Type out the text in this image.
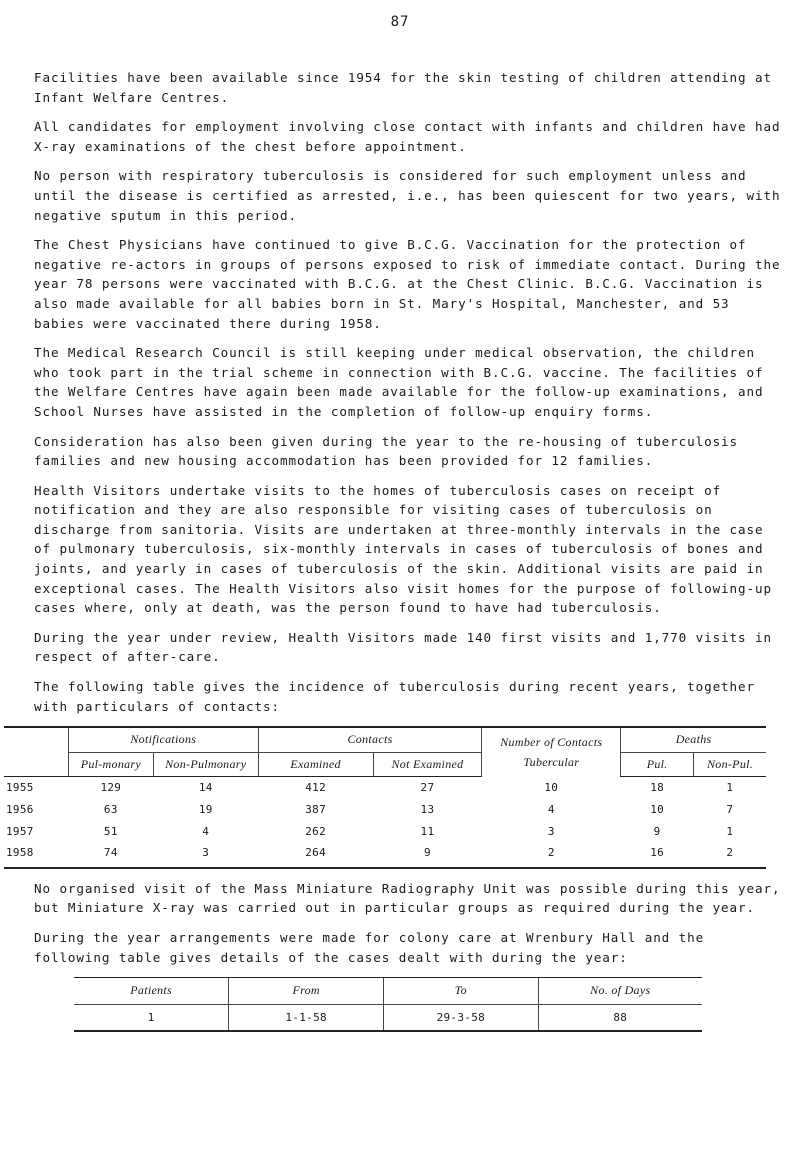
87

Facilities have been available since 1954 for the skin testing of children attending at Infant Welfare Centres.

All candidates for employment involving close contact with infants and children have had X-ray examinations of the chest before appointment.

No person with respiratory tuberculosis is considered for such employment unless and until the disease is certified as arrested, i.e., has been quiescent for two years, with negative sputum in this period.

The Chest Physicians have continued to give B.C.G. Vaccination for the protection of negative re-actors in groups of persons exposed to risk of immediate contact. During the year 78 persons were vaccinated with B.C.G. at the Chest Clinic. B.C.G. Vaccination is also made available for all babies born in St. Mary's Hospital, Manchester, and 53 babies were vaccinated there during 1958.

The Medical Research Council is still keeping under medical observation, the children who took part in the trial scheme in connection with B.C.G. vaccine. The facilities of the Welfare Centres have again been made available for the follow-up examinations, and School Nurses have assisted in the completion of follow-up enquiry forms.

Consideration has also been given during the year to the re-housing of tuberculosis families and new housing accommodation has been provided for 12 families.

Health Visitors undertake visits to the homes of tuberculosis cases on receipt of notification and they are also responsible for visiting cases of tuberculosis on discharge from sanitoria. Visits are undertaken at three-monthly intervals in the case of pulmonary tuberculosis, six-monthly intervals in cases of tuberculosis of bones and joints, and yearly in cases of tuberculosis of the skin. Additional visits are paid in exceptional cases. The Health Visitors also visit homes for the purpose of following-up cases where, only at death, was the person found to have had tuberculosis.

During the year under review, Health Visitors made 140 first visits and 1,770 visits in respect of after-care.

The following table gives the incidence of tuberculosis during recent years, together with particulars of contacts:

	Notifications		Contacts		Number of Contacts Tubercular	Deaths	
	Pul-monary	Non-Pulmonary	Examined	Not Examined		Pul.	Non-Pul.
1955	129	14	412	27	10	18	1
1956	63	19	387	13	4	10	7
1957	51	4	262	11	3	9	1
1958	74	3	264	9	2	16	2

No organised visit of the Mass Miniature Radiography Unit was possible during this year, but Miniature X-ray was carried out in particular groups as required during the year.

During the year arrangements were made for colony care at Wrenbury Hall and the following table gives details of the cases dealt with during the year:

Patients	From	To	No. of Days
1	1-1-58	29-3-58	88
